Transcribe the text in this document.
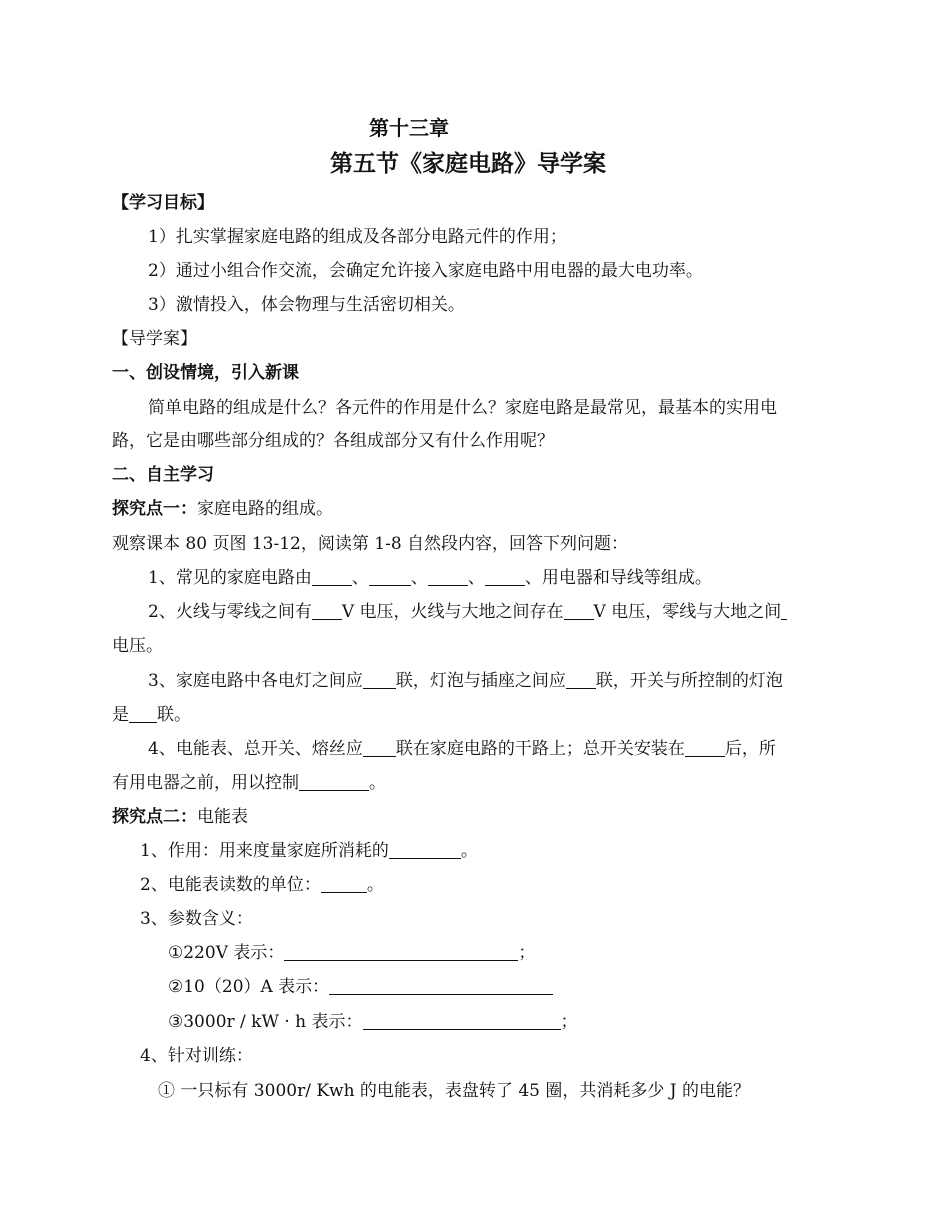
第十三章
第五节《家庭电路》导学案
【学习目标】
1）扎实掌握家庭电路的组成及各部分电路元件的作用；
2）通过小组合作交流，会确定允许接入家庭电路中用电器的最大电功率。
3）激情投入，体会物理与生活密切相关。
【导学案】
一、创设情境，引入新课
简单电路的组成是什么？各元件的作用是什么？家庭电路是最常见，最基本的实用电
路，它是由哪些部分组成的？各组成部分又有什么作用呢？
二、自主学习
探究点一：家庭电路的组成。
观察课本 80 页图 13-12，阅读第 1-8 自然段内容，回答下列问题：
1、常见的家庭电路由 、 、 、 、用电器和导线等组成。
2、火线与零线之间有 V 电压，火线与大地之间存在 V 电压，零线与大地之间
电压。
3、家庭电路中各电灯之间应 联，灯泡与插座之间应 联，开关与所控制的灯泡
是 联。
4、电能表、总开关、熔丝应 联在家庭电路的干路上；总开关安装在 后，所
有用电器之前，用以控制	。
探究点二：电能表
1、作用：用来度量家庭所消耗的	。
2、电能表读数的单位：	。
3、参数含义：
①220V 表示：	；
②10（20）A 表示：
③3000r / kW · h 表示：	；
4、针对训练：
① 一只标有 3000r/ Kwh 的电能表，表盘转了 45 圈，共消耗多少 J 的电能？
